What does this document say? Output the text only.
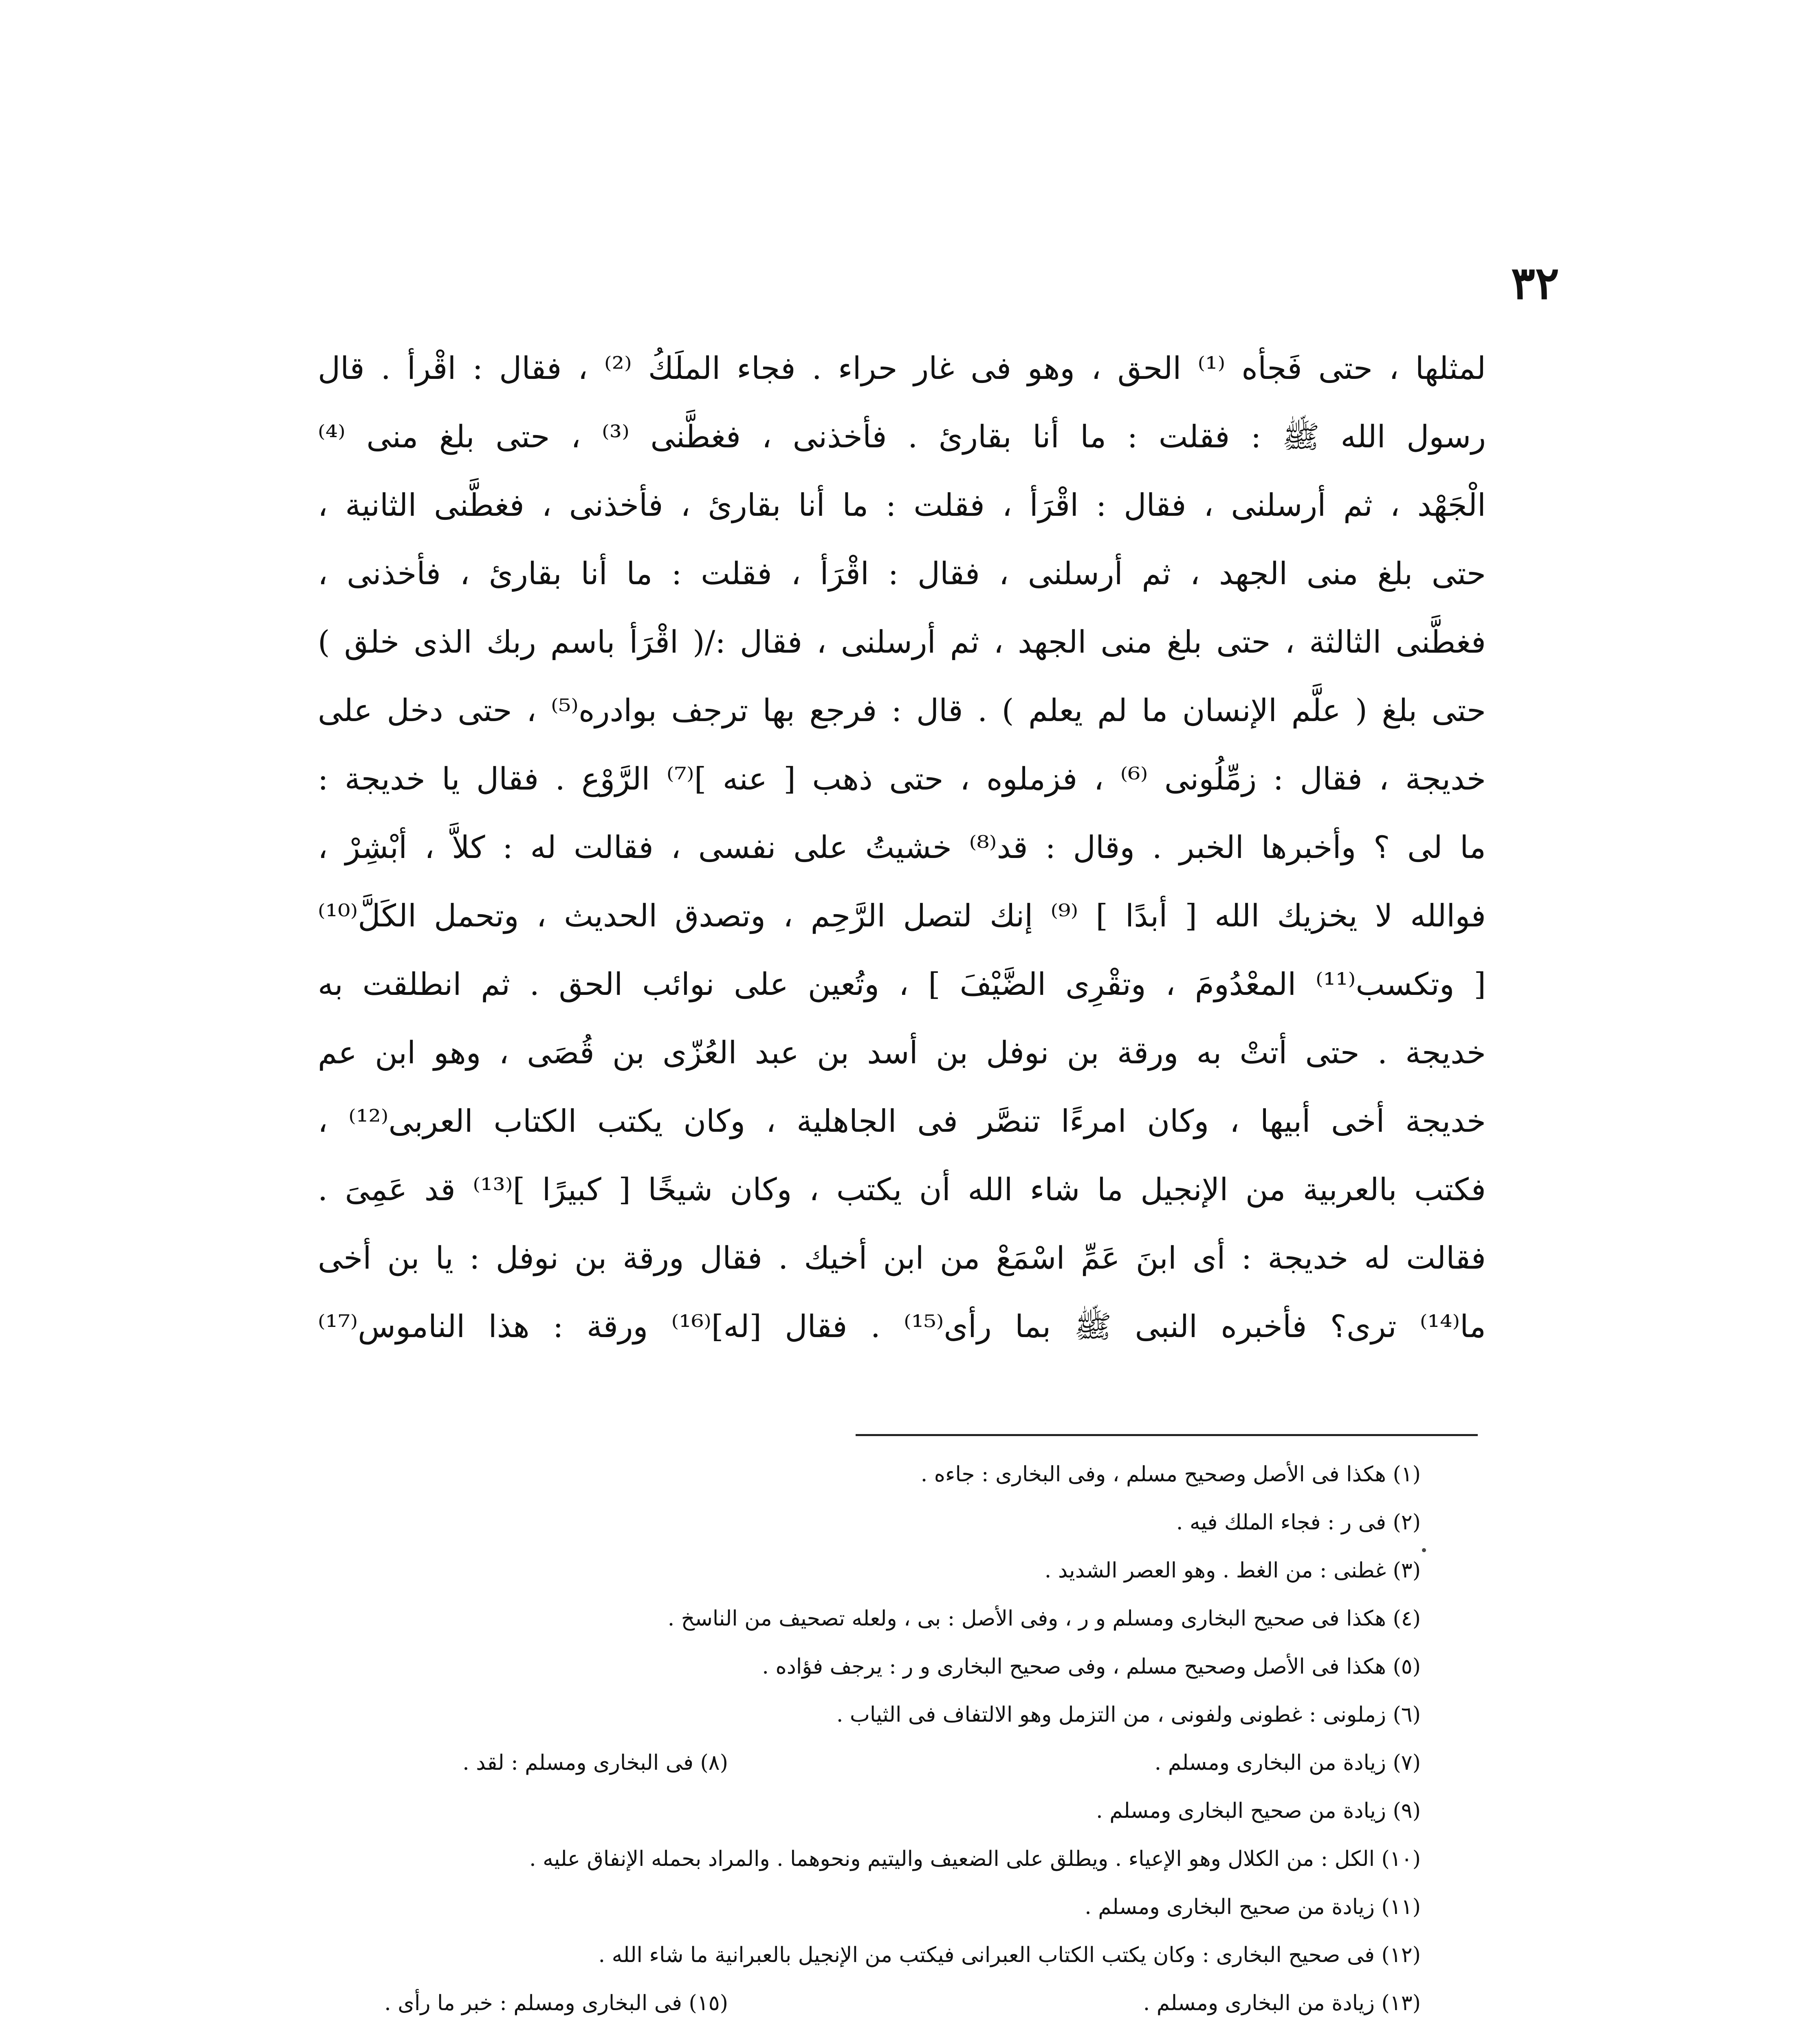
٣٢
لمثلها ، حتى فَجأه ⁽¹⁾ الحق ، وهو فى غار حراء . فجاء الملَكُ ⁽²⁾ ، فقال : اقْرأ . قال
رسول الله ﷺ : فقلت : ما أنا بقارئ . فأخذنى ، فغطَّنى ⁽³⁾ ، حتى بلغ منى ⁽⁴⁾
الْجَهْد ، ثم أرسلنى ، فقال : اقْرَأ ، فقلت : ما أنا بقارئ ، فأخذنى ، فغطَّنى الثانية ،
حتى بلغ منى الجهد ، ثم أرسلنى ، فقال : اقْرَأ ، فقلت : ما أنا بقارئ ، فأخذنى ،
فغطَّنى الثالثة ، حتى بلغ منى الجهد ، ثم أرسلنى ، فقال :/( اقْرَأ باسم ربك الذى خلق )
حتى بلغ ( علَّم الإنسان ما لم يعلم ) . قال : فرجع بها ترجف بوادره⁽⁵⁾ ، حتى دخل على
خديجة ، فقال : زمِّلُونى ⁽⁶⁾ ، فزملوه ، حتى ذهب [ عنه ]⁽⁷⁾ الرَّوْع . فقال يا خديجة :
ما لى ؟ وأخبرها الخبر . وقال : قد⁽⁸⁾ خشيتُ على نفسى ، فقالت له : كلاَّ ، أبْشِرْ ،
فوالله لا يخزيك الله [ أبدًا ] ⁽⁹⁾ إنك لتصل الرَّحِم ، وتصدق الحديث ، وتحمل الكَلَّ⁽¹⁰⁾
[ وتكسب⁽¹¹⁾ المعْدُومَ ، وتقْرِى الضَّيْفَ ] ، وتُعين على نوائب الحق . ثم انطلقت به
خديجة . حتى أتتْ به ورقة بن نوفل بن أسد بن عبد العُزّى بن قُصَى ، وهو ابن عم
خديجة أخى أبيها ، وكان امرءًا تنصَّر فى الجاهلية ، وكان يكتب الكتاب العربى⁽¹²⁾ ،
فكتب بالعربية من الإنجيل ما شاء الله أن يكتب ، وكان شيخًا [ كبيرًا ]⁽¹³⁾ قد عَمِىَ .
فقالت له خديجة : أى ابنَ عَمِّ اسْمَعْ من ابن أخيك . فقال ورقة بن نوفل : يا بن أخى
ما⁽¹⁴⁾ ترى؟ فأخبره النبى ﷺ بما رأى⁽¹⁵⁾ . فقال [له]⁽¹⁶⁾ ورقة : هذا الناموس⁽¹⁷⁾
(١) هكذا فى الأصل وصحيح مسلم ، وفى البخارى : جاءه .
(٢) فى ر : فجاء الملك فيه .
(٣) غطنى : من الغط . وهو العصر الشديد .
(٤) هكذا فى صحيح البخارى ومسلم و ر ، وفى الأصل : بى ، ولعله تصحيف من الناسخ .
(٥) هكذا فى الأصل وصحيح مسلم ، وفى صحيح البخارى و ر : يرجف فؤاده .
(٦) زملونى : غطونى ولفونى ، من التزمل وهو الالتفاف فى الثياب .
(٧) زيادة من البخارى ومسلم .
(٨) فى البخارى ومسلم : لقد .
(٩) زيادة من صحيح البخارى ومسلم .
(١٠) الكل : من الكلال وهو الإعياء . ويطلق على الضعيف واليتيم ونحوهما . والمراد بحمله الإنفاق عليه .
(١١) زيادة من صحيح البخارى ومسلم .
(١٢) فى صحيح البخارى : وكان يكتب الكتاب العبرانى فيكتب من الإنجيل بالعبرانية ما شاء الله .
(١٣) زيادة من البخارى ومسلم .
(١٥) فى البخارى ومسلم : خبر ما رأى .
